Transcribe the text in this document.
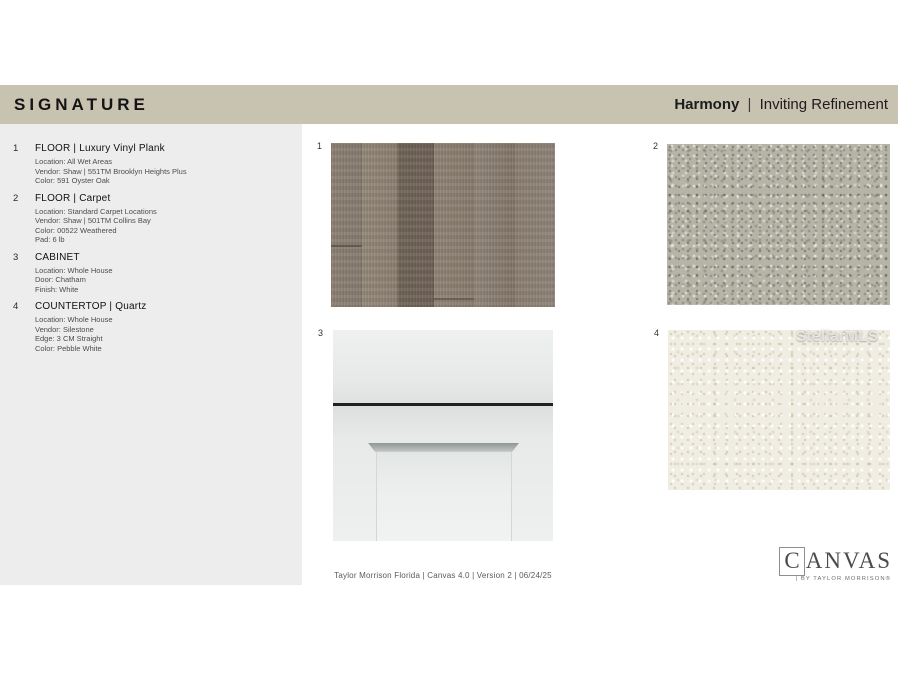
SIGNATURE	Harmony | Inviting Refinement
1	FLOOR | Luxury Vinyl Plank
Location: All Wet Areas
Vendor: Shaw | 551TM Brooklyn Heights Plus
Color: 591 Oyster Oak
2	FLOOR | Carpet
Location: Standard Carpet Locations
Vendor: Shaw | 501TM Collins Bay
Color: 00522 Weathered
Pad: 6 lb
3	CABINET
Location: Whole House
Door: Chatham
Finish: White
4	COUNTERTOP | Quartz
Location: Whole House
Vendor: Silestone
Edge: 3 CM Straight
Color: Pebble White
1	2
3	4	StellarMLS
Taylor Morrison Florida | Canvas 4.0 | Version 2 | 06/24/25
C ANVAS
| BY TAYLOR MORRISON®
